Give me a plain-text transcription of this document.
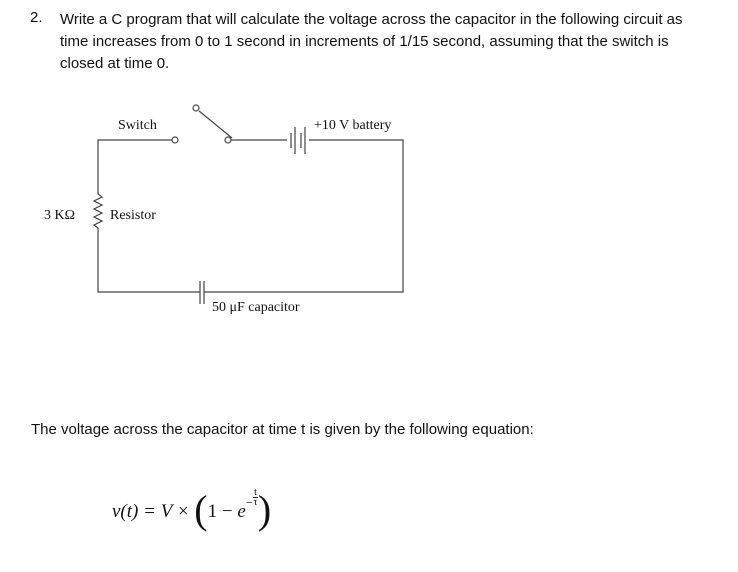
2. Write a C program that will calculate the voltage across the capacitor in the following circuit as time increases from 0 to 1 second in increments of 1/15 second, assuming that the switch is closed at time 0.
Switch	+10 V battery
3 KΩ Resistor
50 μF capacitor
The voltage across the capacitor at time t is given by the following equation:
$v(t) = V \times (1 - e^- \frac{t}{\tau}$ )
